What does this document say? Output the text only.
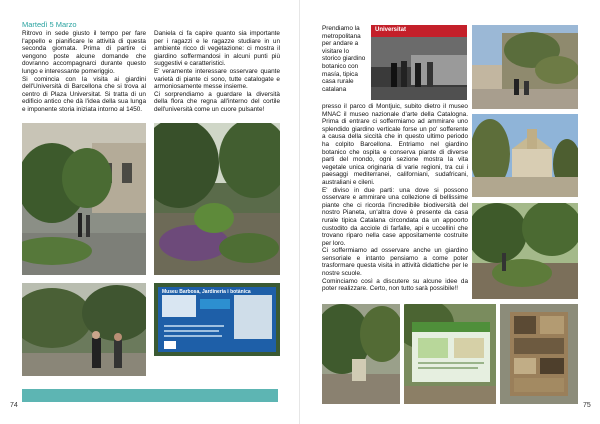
Martedì 5 Marzo

Ritrovo in sede giusto il tempo per fare l'appello e pianificare le attività di questa seconda giornata. Prima di partire ci vengono poste alcune domande che dovranno accompagnarci durante questo lungo e interessante pomeriggio.

Si comincia con la visita ai giardini dell'Università di Barcellona che si trova al centro di Plaza Universitat. Si tratta di un edificio antico che dà l'idea della sua lunga e imponente storia iniziata intorno al 1450.

Daniela ci fa capire quanto sia importante per i ragazzi e le ragazze studiare in un ambiente ricco di vegetazione: ci mostra il giardino soffermandosi in alcuni punti più suggestivi e caratteristici.

E' veramente interessare osservare quante varietà di piante ci sono, tutte catalogate e armoniosamente messe insieme.

Ci sorprendiamo a guardare la diversità della flora che regna all'interno del cortile dell'università come un cuore pulsante!

Museu Barbosa, Jardineria i botànica
74
Prendiamo la metropolitana per andare a visitare lo storico giardino botanico con masía, tipica casa rurale catalana

presso il parco di Montjuic, subito dietro il museo MNAC il museo nazionale d'arte della Catalogna. Prima di entrare ci soffermiamo ad ammirare uno splendido giardino verticale forse un po' sofferente a causa della siccità che in questo ultimo periodo ha colpito Barcellona. Entriamo nel giardino botanico che ospita e conserva piante di diverse parti del mondo, ogni sezione mostra la vita vegetale unica originaria di varie regioni, tra cui i paesaggi mediterranei, californiani, sudafricani, australiani e cileni.

E' diviso in due parti: una dove si possono osservare e ammirare una collezione di bellissime piante che ci ricorda l'incredibile biodiversità del nostro Pianeta, un'altra dove è presente da casa rurale tipica Catalana circondata da un appoorto custodito da acciole di farfalle, api e uccellini che trovano riparo nella case appositamente costruite per loro.

Ci soffermiamo ad osservare anche un giardino sensoriale e intanto pensiamo a come poter trasformare questa visita in attività didattiche per le nostre scuole.

Cominciamo così a discutere su alcune idee da poter realizzare. Certo, non tutto sarà possibile!!

Universitat
75
